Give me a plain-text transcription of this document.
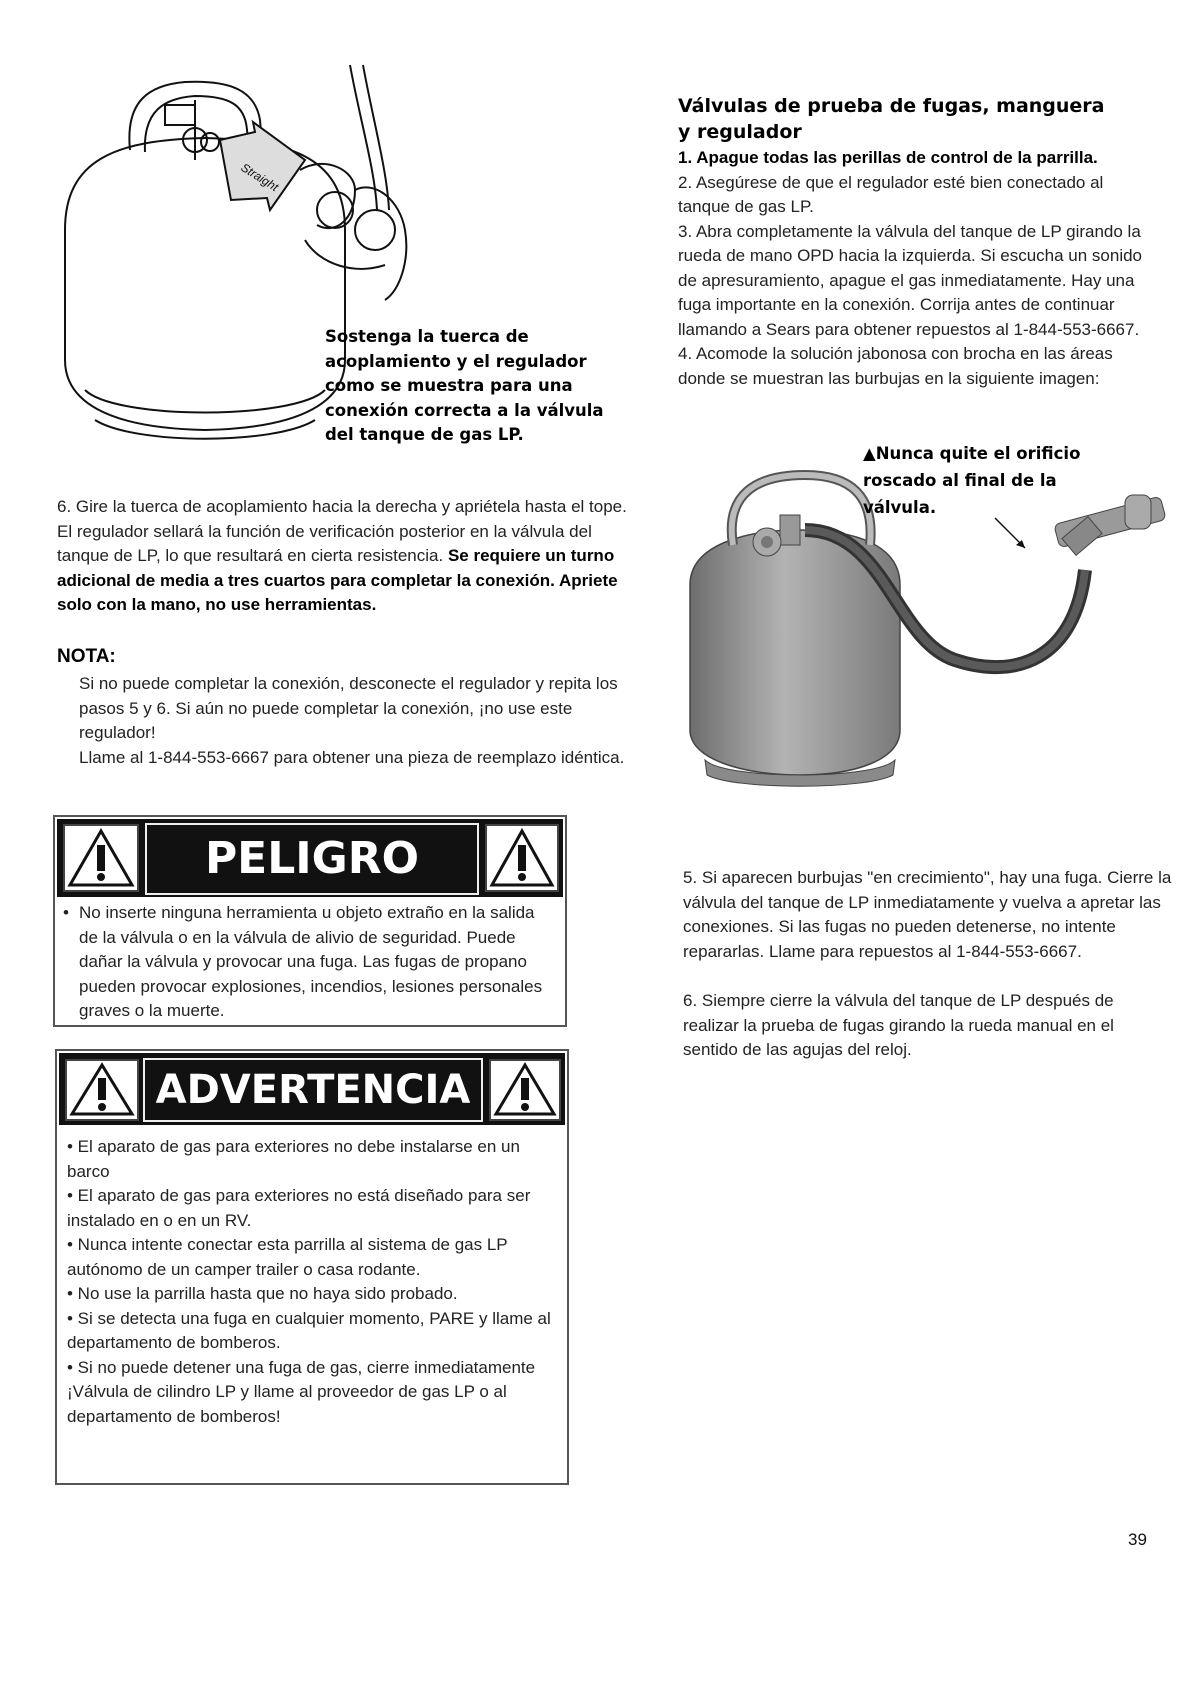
Straight
Sostenga la tuerca de
acoplamiento y el regulador
como se muestra para una
conexión correcta a la válvula
del tanque de gas LP.
6. Gire la tuerca de acoplamiento hacia la derecha y apriételа hasta el tope. El regulador sellará la función de verificación posterior en la válvula del tanque de LP, lo que resultará en cierta resistencia. Se requiere un turno adicional de media a tres cuartos para completar la conexión. Apriete solo con la mano, no use herramientas.
NOTA:

Si no puede completar la conexión, desconecte el regulador y repita los pasos 5 y 6. Si aún no puede completar la conexión, ¡no use este regulador!

Llame al 1-844-553-6667 para obtener una pieza de reemplazo idéntica.

PELIGRO
• No inserte ninguna herramienta u objeto extraño en la salida de la válvula o en la válvula de alivio de seguridad. Puede dañar la válvula y provocar una fuga. Las fugas de propano pueden provocar explosiones, incendios, lesiones personales graves o la muerte.
ADVERTENCIA

• El aparato de gas para exteriores no debe instalarse en un barco

• El aparato de gas para exteriores no está diseñado para ser instalado en o en un RV.

• Nunca intente conectar esta parrilla al sistema de gas LP autónomo de un camper trailer o casa rodante.

• No use la parrilla hasta que no haya sido probado.

• Si se detecta una fuga en cualquier momento, PARE y llame al departamento de bomberos.

• Si no puede detener una fuga de gas, cierre inmediatamente

¡Válvula de cilindro LP y llame al proveedor de gas LP o al departamento de bomberos!

Válvulas de prueba de fugas, manguera y regulador

1. Apague todas las perillas de control de la parrilla.

2. Asegúrese de que el regulador esté bien conectado al tanque de gas LP.

3. Abra completamente la válvula del tanque de LP girando la rueda de mano OPD hacia la izquierda. Si escucha un sonido de apresuramiento, apague el gas inmediatamente. Hay una fuga importante en la conexión. Corrija antes de continuar llamando a Sears para obtener repuestos al 1-844-553-6667.

4. Acomode la solución jabonosa con brocha en las áreas donde se muestran las burbujas en la siguiente imagen:

▲Nunca quite el orificio
roscado al final de la
válvula.
5. Si aparecen burbujas "en crecimiento", hay una fuga. Cierre la válvula del tanque de LP inmediatamente y vuelva a apretar las conexiones. Si las fugas no pueden detenerse, no intente repararlas. Llame para repuestos al 1-844-553-6667.
6. Siempre cierre la válvula del tanque de LP después de realizar la prueba de fugas girando la rueda manual en el sentido de las agujas del reloj.
39
